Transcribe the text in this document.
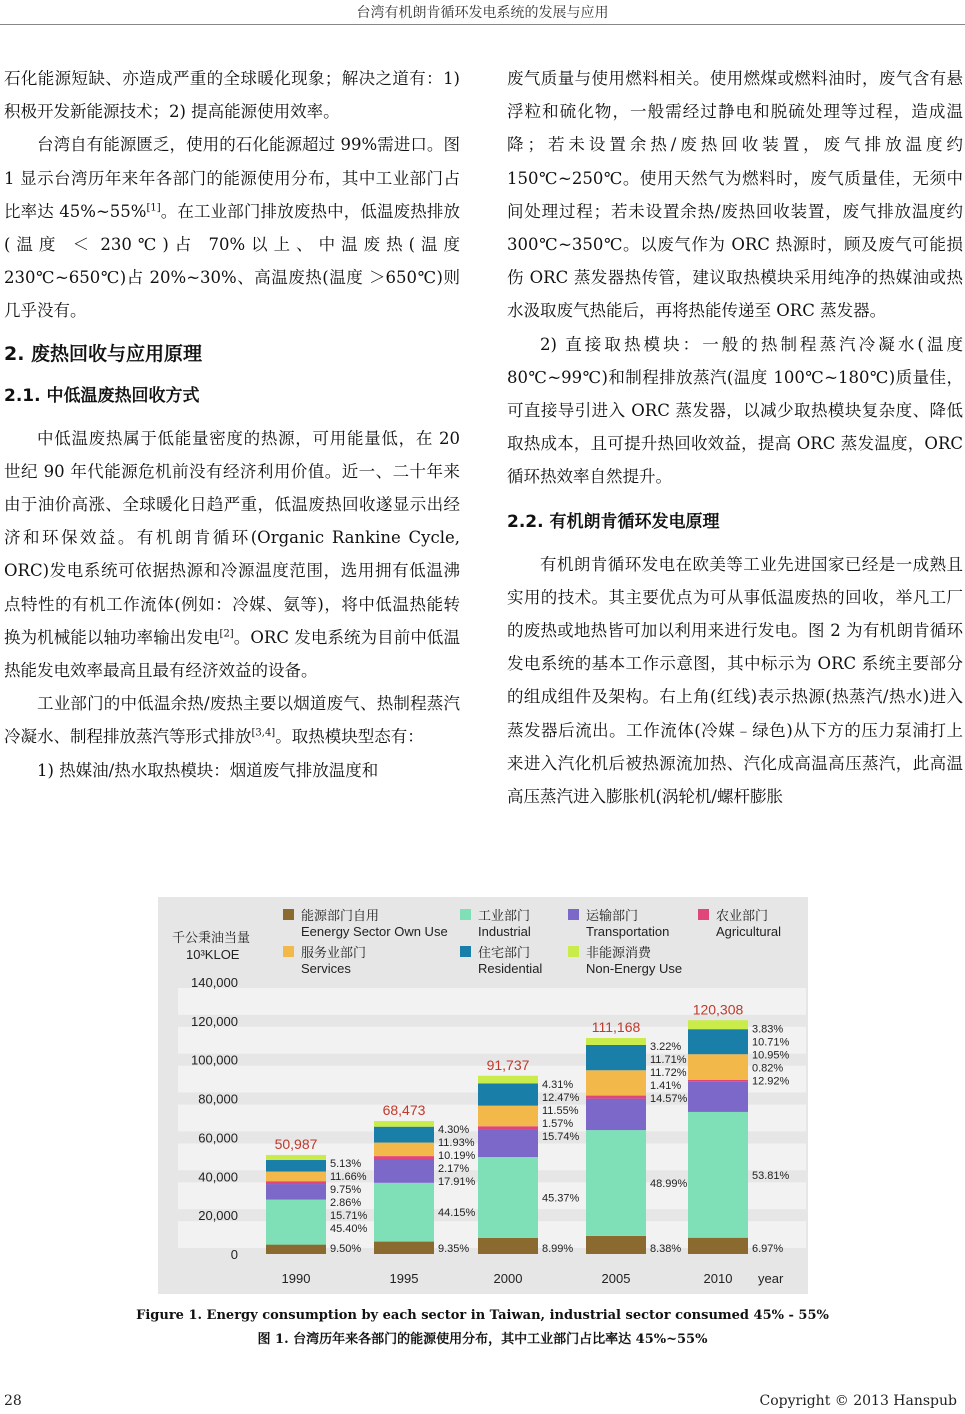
台湾有机朗肯循环发电系统的发展与应用

石化能源短缺、亦造成严重的全球暖化现象；解决之道有：1) 积极开发新能源技术；2) 提高能源使用效率。

台湾自有能源匮乏，使用的石化能源超过 99%需进口。图 1 显示台湾历年来年各部门的能源使用分布，其中工业部门占比率达 45%~55%[1]。在工业部门排放废热中，低温废热排放(温度 ＜ 230℃)占 70%以上、中温废热(温度 230℃~650℃)占 20%~30%、高温废热(温度 ＞650℃)则几乎没有。

2. 废热回收与应用原理
2.1. 中低温废热回收方式

中低温废热属于低能量密度的热源，可用能量低，在 20 世纪 90 年代能源危机前没有经济利用价值。近一、二十年来由于油价高涨、全球暖化日趋严重，低温废热回收遂显示出经济和环保效益。有机朗肯循环(Organic Rankine Cycle, ORC)发电系统可依据热源和冷源温度范围，选用拥有低温沸点特性的有机工作流体(例如：冷媒、氨等)，将中低温热能转换为机械能以轴功率输出发电[2]。ORC 发电系统为目前中低温热能发电效率最高且最有经济效益的设备。

工业部门的中低温余热/废热主要以烟道废气、热制程蒸汽冷凝水、制程排放蒸汽等形式排放[3,4]。取热模块型态有：

1) 热媒油/热水取热模块：烟道废气排放温度和

废气质量与使用燃料相关。使用燃煤或燃料油时，废气含有悬浮粒和硫化物，一般需经过静电和脱硫处理等过程，造成温降；若未设置余热/废热回收装置，废气排放温度约 150℃~250℃。使用天然气为燃料时，废气质量佳，无须中间处理过程；若未设置余热/废热回收装置，废气排放温度约 300℃~350℃。以废气作为 ORC 热源时，顾及废气可能损伤 ORC 蒸发器热传管，建议取热模块采用纯净的热媒油或热水汲取废气热能后，再将热能传递至 ORC 蒸发器。

2) 直接取热模块：一般的热制程蒸汽冷凝水(温度 80℃~99℃)和制程排放蒸汽(温度 100℃~180℃)质量佳，可直接导引进入 ORC 蒸发器，以减少取热模块复杂度、降低取热成本，且可提升热回收效益，提高 ORC 蒸发温度，ORC 循环热效率自然提升。

2.2. 有机朗肯循环发电原理

有机朗肯循环发电在欧美等工业先进国家已经是一成熟且实用的技术。其主要优点为可从事低温废热的回收，举凡工厂的废热或地热皆可加以利用来进行发电。图 2 为有机朗肯循环发电系统的基本工作示意图，其中标示为 ORC 系统主要部分的组成组件及架构。右上角(红线)表示热源(热蒸汽/热水)进入蒸发器后流出。工作流体(冷媒﹣绿色)从下方的压力泵浦打上来进入汽化机后被热源流加热、汽化成高温高压蒸汽，此高温高压蒸汽进入膨胀机(涡轮机/螺杆膨胀

0
20,000
40,000
60,000
80,000
100,000
120,000
140,000
千公秉油当量
10³KLOE
能源部门自用
Eenergy Sector Own Use
工业部门
Industrial
运输部门
Transportation
农业部门
Agricultural
服务业部门
Services
住宅部门
Residential
非能源消费
Non-Energy Use
50,987
1990
5.13%
11.66%
9.75%
2.86%
15.71%
45.40%
9.50%
68,473
1995
4.30%
11.93%
10.19%
2.17%
17.91%
44.15%
9.35%
91,737
2000
4.31%
12.47%
11.55%
1.57%
15.74%
45.37%
8.99%
111,168
2005
3.22%
11.71%
11.72%
1.41%
14.57%
48.99%
8.38%
120,308
2010
3.83%
10.71%
10.95%
0.82%
12.92%
53.81%
6.97%
year
Figure 1. Energy consumption by each sector in Taiwan, industrial sector consumed 45% - 55%
图 1. 台湾历年来各部门的能源使用分布，其中工业部门占比率达 45%~55%
28	Copyright © 2013 Hanspub
